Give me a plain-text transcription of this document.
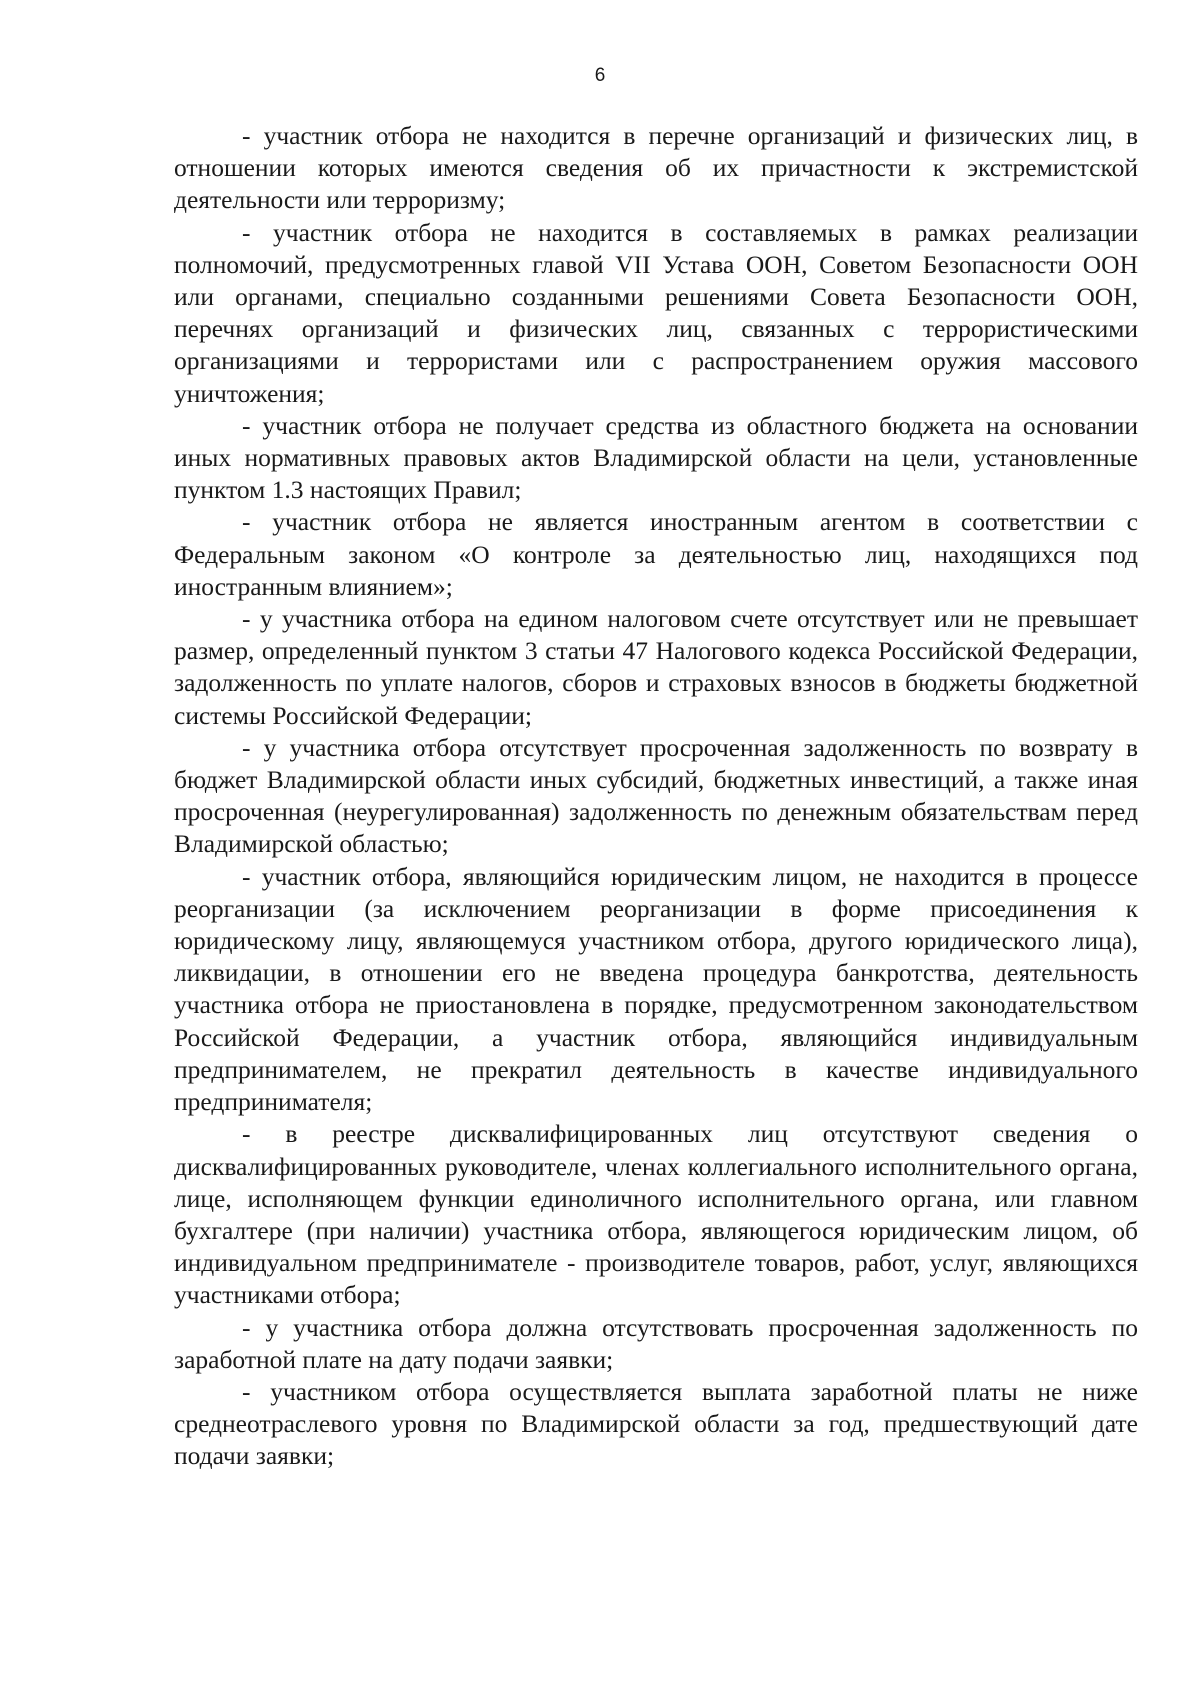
6

- участник отбора не находится в перечне организаций и физических лиц, в отношении которых имеются сведения об их причастности к экстремистской деятельности или терроризму;

- участник отбора не находится в составляемых в рамках реализации полномочий, предусмотренных главой VII Устава ООН, Советом Безопасности ООН или органами, специально созданными решениями Совета Безопасности ООН, перечнях организаций и физических лиц, связанных с террористическими организациями и террористами или с распространением оружия массового уничтожения;

- участник отбора не получает средства из областного бюджета на основании иных нормативных правовых актов Владимирской области на цели, установленные пунктом 1.3 настоящих Правил;

- участник отбора не является иностранным агентом в соответствии с Федеральным законом «О контроле за деятельностью лиц, находящихся под иностранным влиянием»;

- у участника отбора на едином налоговом счете отсутствует или не превышает размер, определенный пунктом 3 статьи 47 Налогового кодекса Российской Федерации, задолженность по уплате налогов, сборов и страховых взносов в бюджеты бюджетной системы Российской Федерации;

- у участника отбора отсутствует просроченная задолженность по возврату в бюджет Владимирской области иных субсидий, бюджетных инвестиций, а также иная просроченная (неурегулированная) задолженность по денежным обязательствам перед Владимирской областью;

- участник отбора, являющийся юридическим лицом, не находится в процессе реорганизации (за исключением реорганизации в форме присоединения к юридическому лицу, являющемуся участником отбора, другого юридического лица), ликвидации, в отношении его не введена процедура банкротства, деятельность участника отбора не приостановлена в порядке, предусмотренном законодательством Российской Федерации, а участник отбора, являющийся индивидуальным предпринимателем, не прекратил деятельность в качестве индивидуального предпринимателя;

- в реестре дисквалифицированных лиц отсутствуют сведения о дисквалифицированных руководителе, членах коллегиального исполнительного органа, лице, исполняющем функции единоличного исполнительного органа, или главном бухгалтере (при наличии) участника отбора, являющегося юридическим лицом, об индивидуальном предпринимателе - производителе товаров, работ, услуг, являющихся участниками отбора;

- у участника отбора должна отсутствовать просроченная задолженность по заработной плате на дату подачи заявки;

- участником отбора осуществляется выплата заработной платы не ниже среднеотраслевого уровня по Владимирской области за год, предшествующий дате подачи заявки;
